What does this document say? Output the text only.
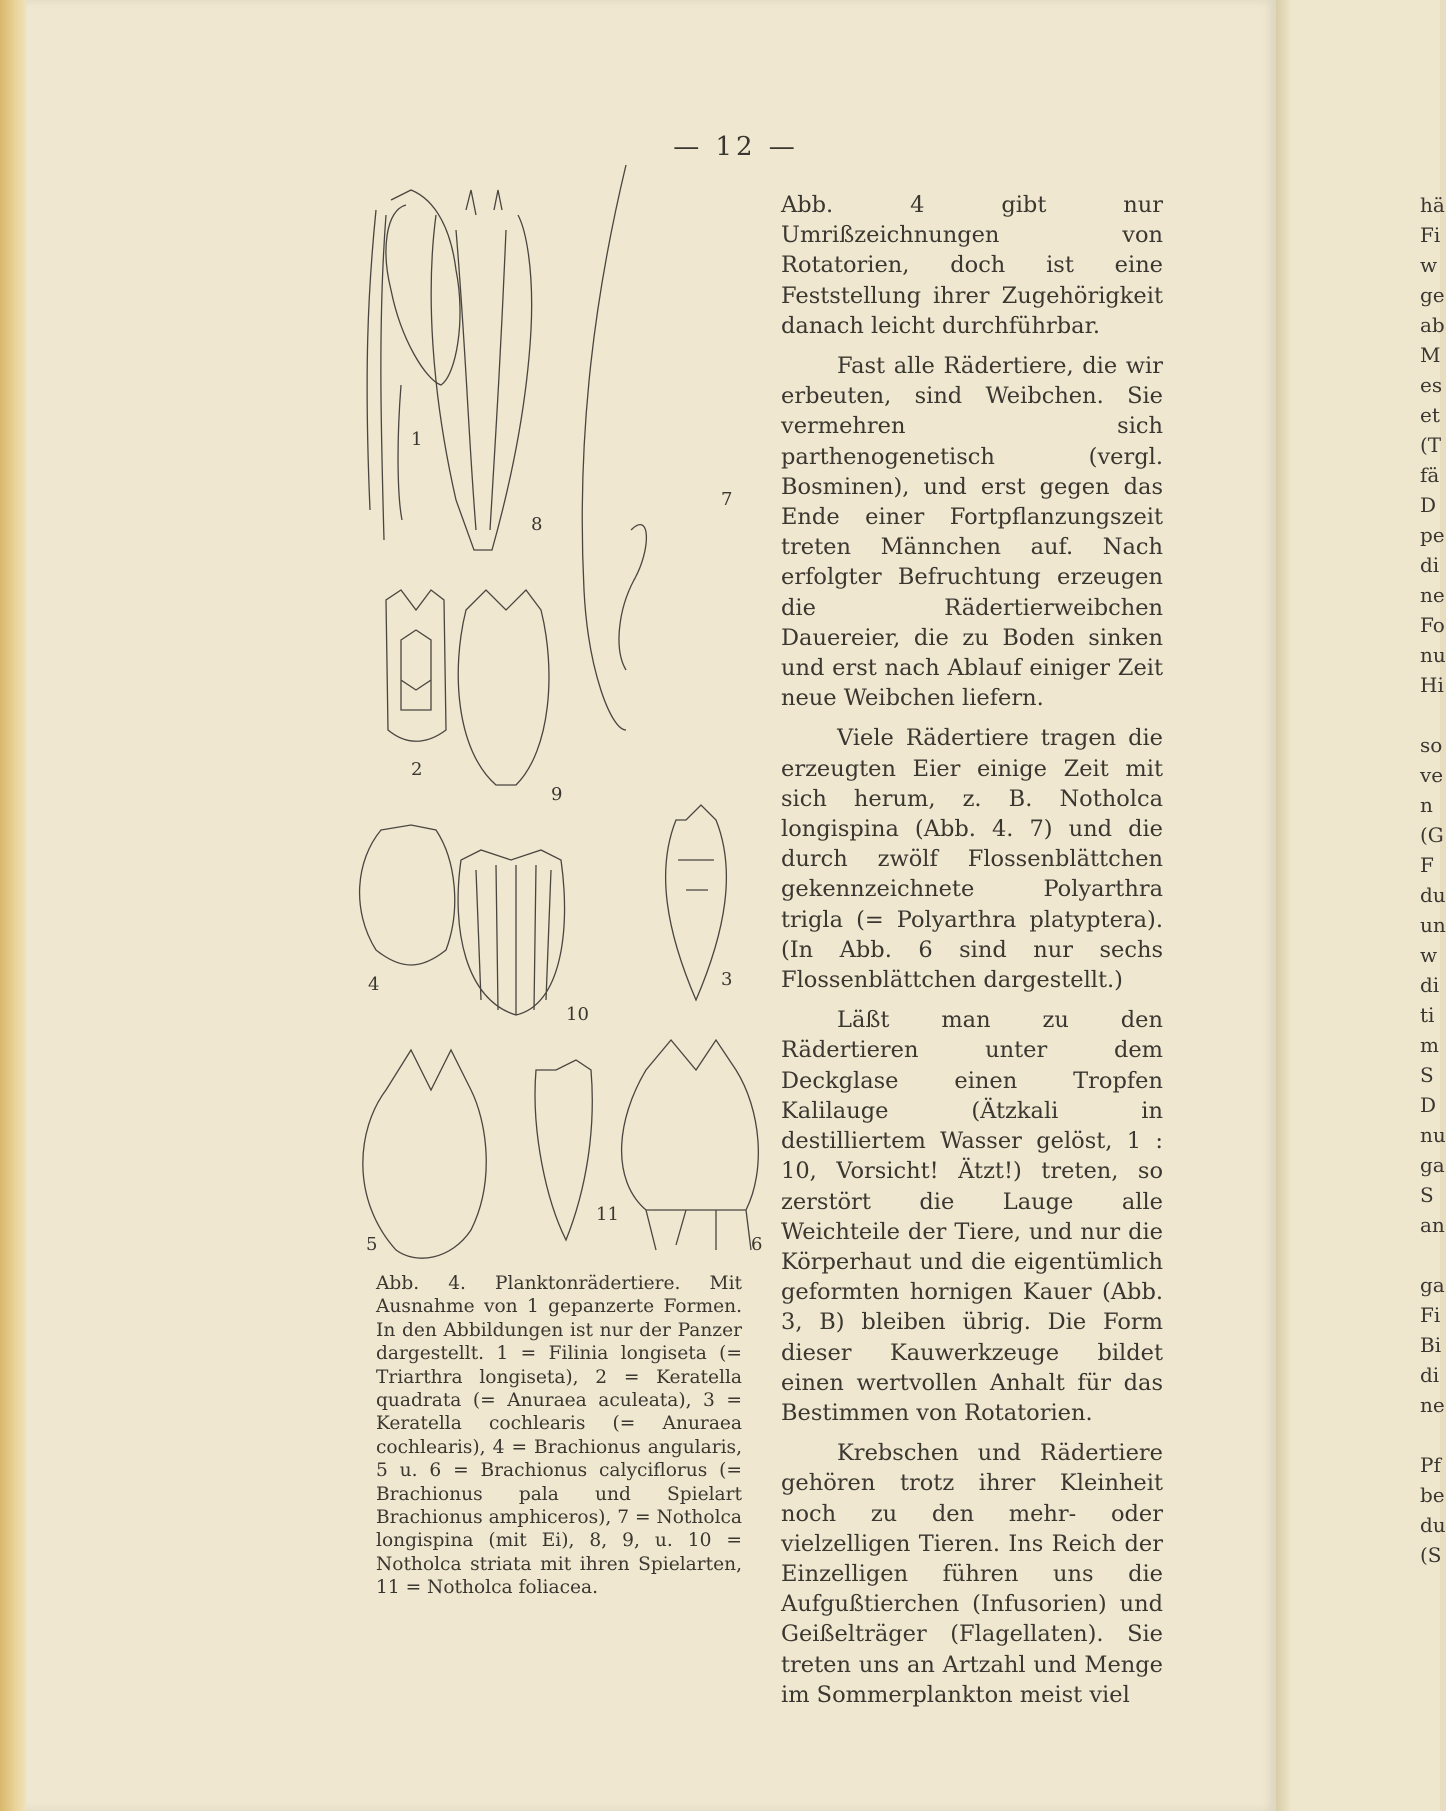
— 12 —
1
8
7
2
9
4
10
3
5
11
6
Abb. 4. Planktonrädertiere. Mit Ausnahme von 1 gepanzerte Formen. In den Abbildungen ist nur der Panzer dargestellt. 1 = Filinia longiseta (= Triarthra longiseta), 2 = Keratella quadrata (= Anuraea aculeata), 3 = Keratella cochlearis (= Anuraea cochlearis), 4 = Brachionus angularis, 5 u. 6 = Brachionus calyciflorus (= Brachionus pala und Spielart Brachionus amphiceros), 7 = Notholca longispina (mit Ei), 8, 9, u. 10 = Notholca striata mit ihren Spielarten, 11 = Notholca foliacea.

Abb. 4 gibt nur Umrißzeichnungen von Rotatorien, doch ist eine Feststellung ihrer Zugehörigkeit danach leicht durchführbar.

Fast alle Rädertiere, die wir erbeuten, sind Weibchen. Sie vermehren sich parthenogenetisch (vergl. Bosminen), und erst gegen das Ende einer Fortpflanzungszeit treten Männchen auf. Nach erfolgter Befruchtung erzeugen die Rädertierweibchen Dauereier, die zu Boden sinken und erst nach Ablauf einiger Zeit neue Weibchen liefern.

Viele Rädertiere tragen die erzeugten Eier einige Zeit mit sich herum, z. B. Notholca longispina (Abb. 4. 7) und die durch zwölf Flossenblättchen gekennzeichnete Polyarthra trigla (= Polyarthra platyptera). (In Abb. 6 sind nur sechs Flossenblättchen dargestellt.)

Läßt man zu den Rädertieren unter dem Deckglase einen Tropfen Kalilauge (Ätzkali in destilliertem Wasser gelöst, 1 : 10, Vorsicht! Ätzt!) treten, so zerstört die Lauge alle Weichteile der Tiere, und nur die Körperhaut und die eigentümlich geformten hornigen Kauer (Abb. 3, B) bleiben übrig. Die Form dieser Kauwerkzeuge bildet einen wertvollen Anhalt für das Bestimmen von Rotatorien.

Krebschen und Rädertiere gehören trotz ihrer Kleinheit noch zu den mehr- oder vielzelligen Tieren. Ins Reich der Einzelligen führen uns die Aufgußtierchen (Infusorien) und Geißelträger (Flagellaten). Sie treten uns an Artzahl und Menge im Sommerplankton meist viel

hä
Fi
w
ge
ab
M
es
et
(T
fä
D
pe
di
ne
Fo
nu
Hi
so
ve
n
(G
F
du
un
w
di
ti
m
S
D
nu
ga
S
an
ga
Fi
Bi
di
ne
Pf
be
du
(S
